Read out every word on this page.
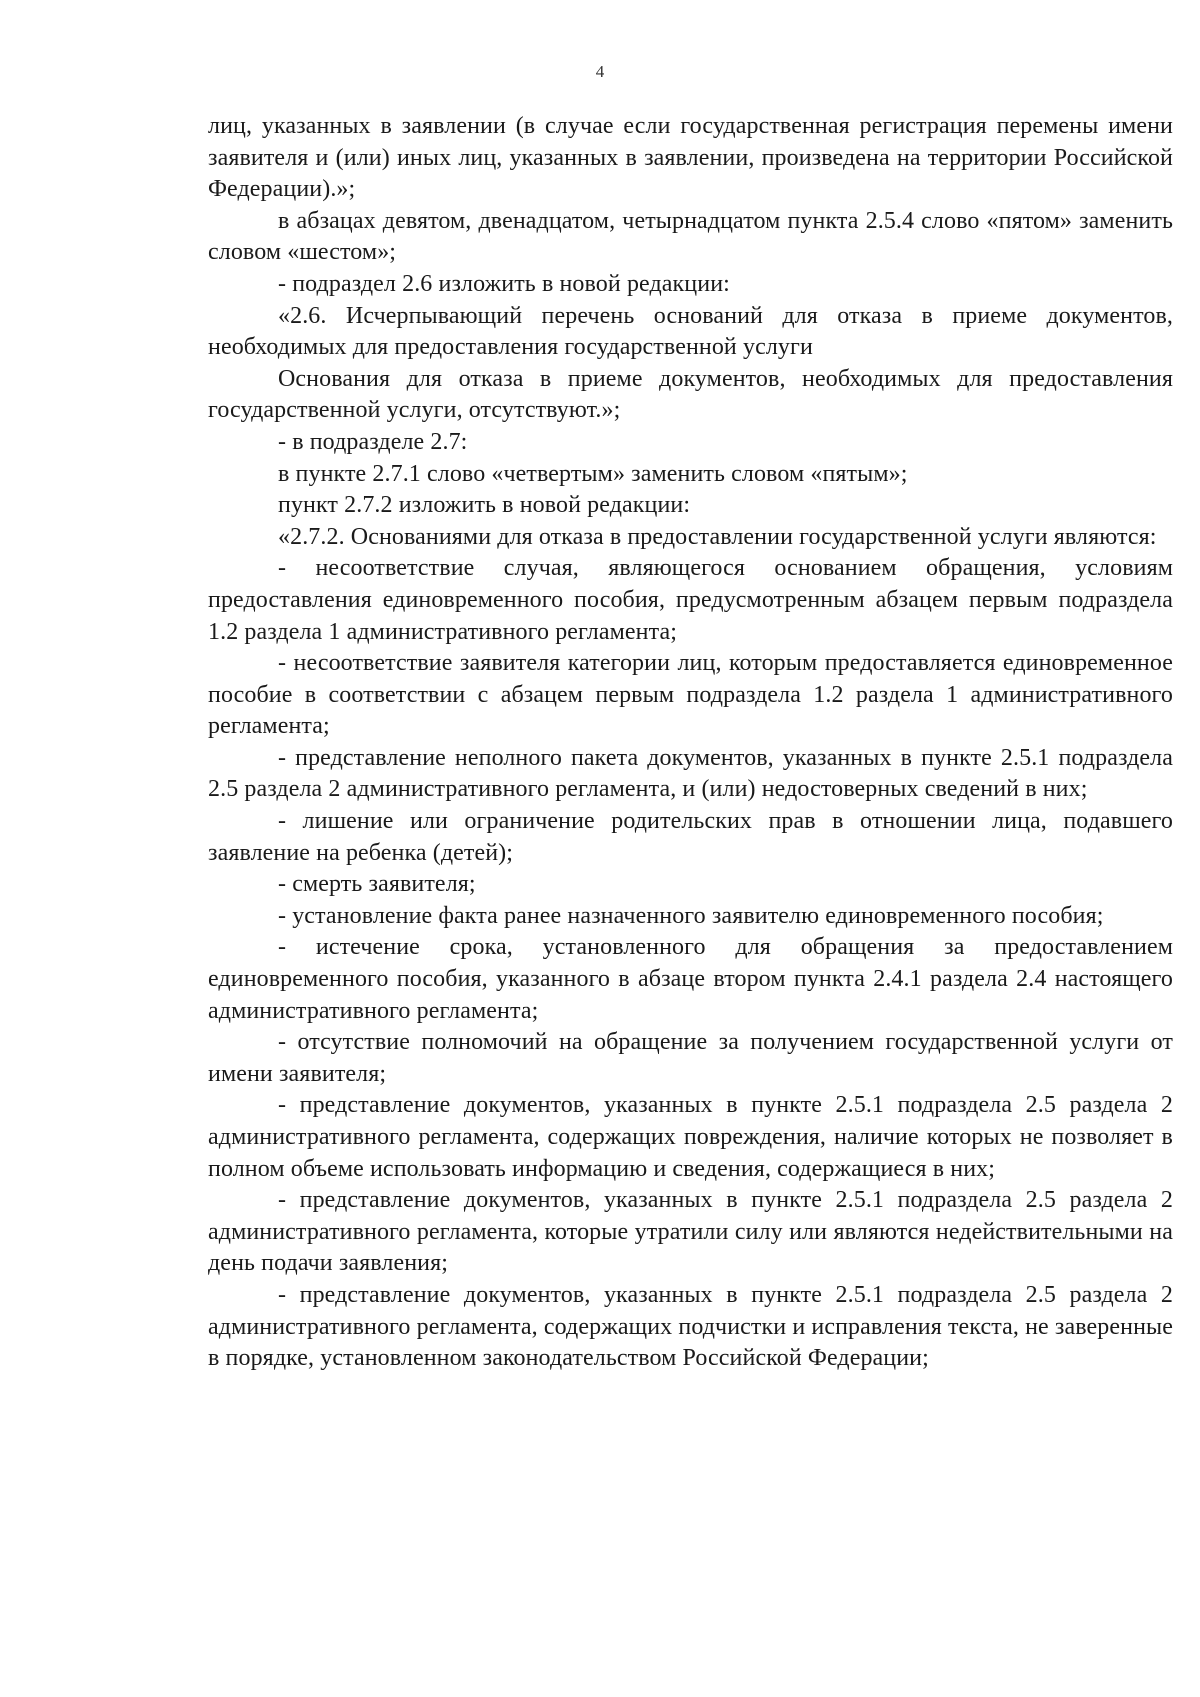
4

лиц, указанных в заявлении (в случае если государственная регистрация перемены имени заявителя и (или) иных лиц, указанных в заявлении, произведена на территории Российской Федерации).»;

в абзацах девятом, двенадцатом, четырнадцатом пункта 2.5.4 слово «пятом» заменить словом «шестом»;

- подраздел 2.6 изложить в новой редакции:

«2.6. Исчерпывающий перечень оснований для отказа в приеме документов, необходимых для предоставления государственной услуги

Основания для отказа в приеме документов, необходимых для предоставления государственной услуги, отсутствуют.»;

- в подразделе 2.7:

в пункте 2.7.1 слово «четвертым» заменить словом «пятым»;

пункт 2.7.2 изложить в новой редакции:

«2.7.2. Основаниями для отказа в предоставлении государственной услуги являются:

- несоответствие случая, являющегося основанием обращения, условиям предоставления единовременного пособия, предусмотренным абзацем первым подраздела 1.2 раздела 1 административного регламента;

- несоответствие заявителя категории лиц, которым предоставляется единовременное пособие в соответствии с абзацем первым подраздела 1.2 раздела 1 административного регламента;

- представление неполного пакета документов, указанных в пункте 2.5.1 подраздела 2.5 раздела 2 административного регламента, и (или) недостоверных сведений в них;

- лишение или ограничение родительских прав в отношении лица, подавшего заявление на ребенка (детей);

- смерть заявителя;

- установление факта ранее назначенного заявителю единовременного пособия;

- истечение срока, установленного для обращения за предоставлением единовременного пособия, указанного в абзаце втором пункта 2.4.1 раздела 2.4 настоящего административного регламента;

- отсутствие полномочий на обращение за получением государственной услуги от имени заявителя;

- представление документов, указанных в пункте 2.5.1 подраздела 2.5 раздела 2 административного регламента, содержащих повреждения, наличие которых не позволяет в полном объеме использовать информацию и сведения, содержащиеся в них;

- представление документов, указанных в пункте 2.5.1 подраздела 2.5 раздела 2 административного регламента, которые утратили силу или являются недействительными на день подачи заявления;

- представление документов, указанных в пункте 2.5.1 подраздела 2.5 раздела 2 административного регламента, содержащих подчистки и исправления текста, не заверенные в порядке, установленном законодательством Российской Федерации;
